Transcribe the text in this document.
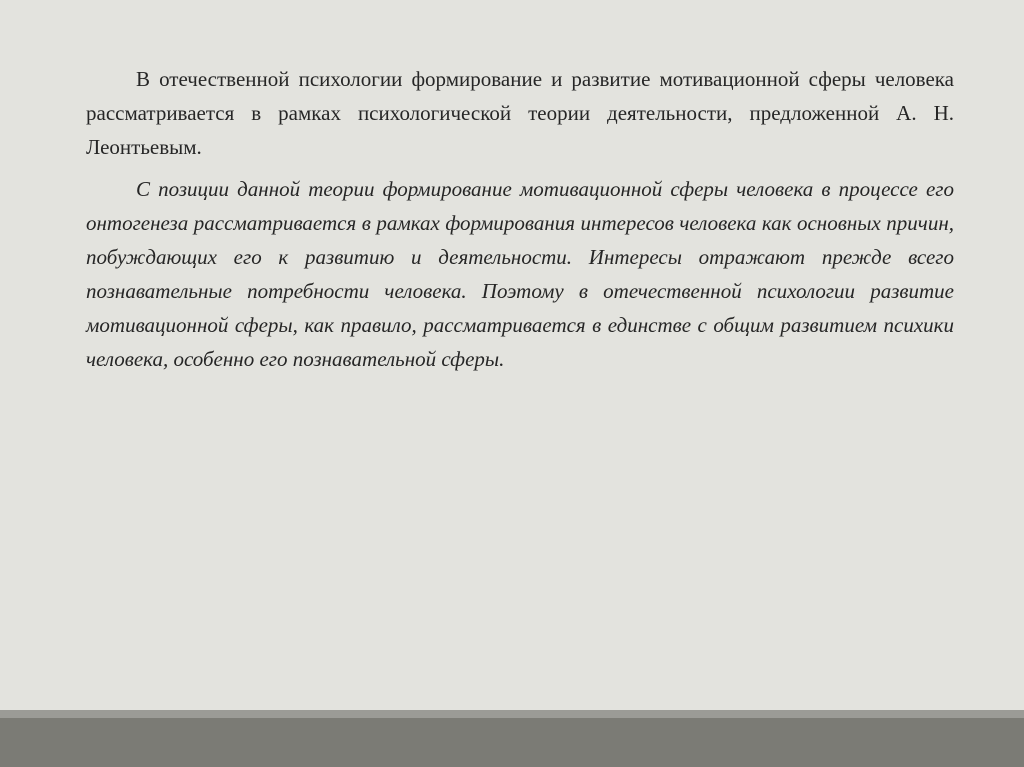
В отечественной психологии формирование и развитие мотивационной сферы человека рассматривается в рамках психологической теории деятельности, предложенной А. Н. Леонтьевым.

С позиции данной теории формирование мотивационной сферы человека в процессе его онтогенеза рассматривается в рамках формирования интересов человека как основных причин, побуждающих его к развитию и деятельности. Интересы отражают прежде всего познавательные потребности человека. Поэтому в отечественной психологии развитие мотивационной сферы, как правило, рассматривается в единстве с общим развитием психики человека, особенно его познавательной сферы.
